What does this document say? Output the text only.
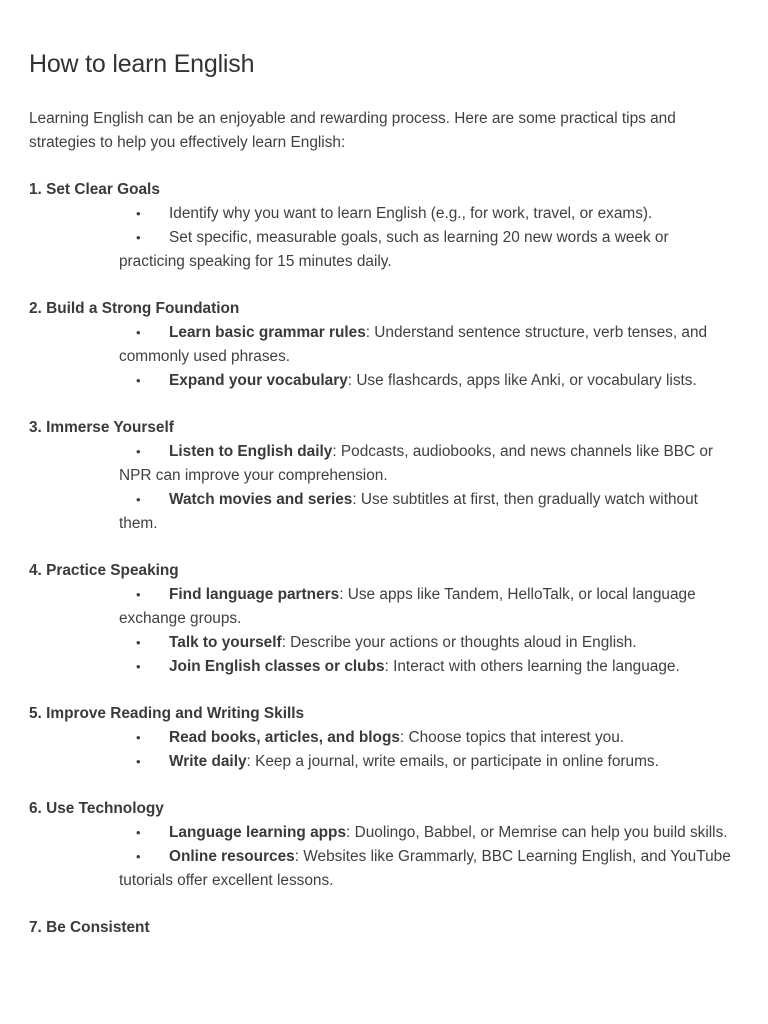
How to learn English

Learning English can be an enjoyable and rewarding process. Here are some practical tips and strategies to help you effectively learn English:

1. Set Clear Goals
• Identify why you want to learn English (e.g., for work, travel, or exams).
• Set specific, measurable goals, such as learning 20 new words a week or practicing speaking for 15 minutes daily.
2. Build a Strong Foundation
• Learn basic grammar rules: Understand sentence structure, verb tenses, and commonly used phrases.
• Expand your vocabulary: Use flashcards, apps like Anki, or vocabulary lists.
3. Immerse Yourself
• Listen to English daily: Podcasts, audiobooks, and news channels like BBC or NPR can improve your comprehension.
• Watch movies and series: Use subtitles at first, then gradually watch without them.
4. Practice Speaking
• Find language partners: Use apps like Tandem, HelloTalk, or local language exchange groups.
• Talk to yourself: Describe your actions or thoughts aloud in English.
• Join English classes or clubs: Interact with others learning the language.
5. Improve Reading and Writing Skills
• Read books, articles, and blogs: Choose topics that interest you.
• Write daily: Keep a journal, write emails, or participate in online forums.
6. Use Technology
• Language learning apps: Duolingo, Babbel, or Memrise can help you build skills.
• Online resources: Websites like Grammarly, BBC Learning English, and YouTube tutorials offer excellent lessons.
7. Be Consistent
